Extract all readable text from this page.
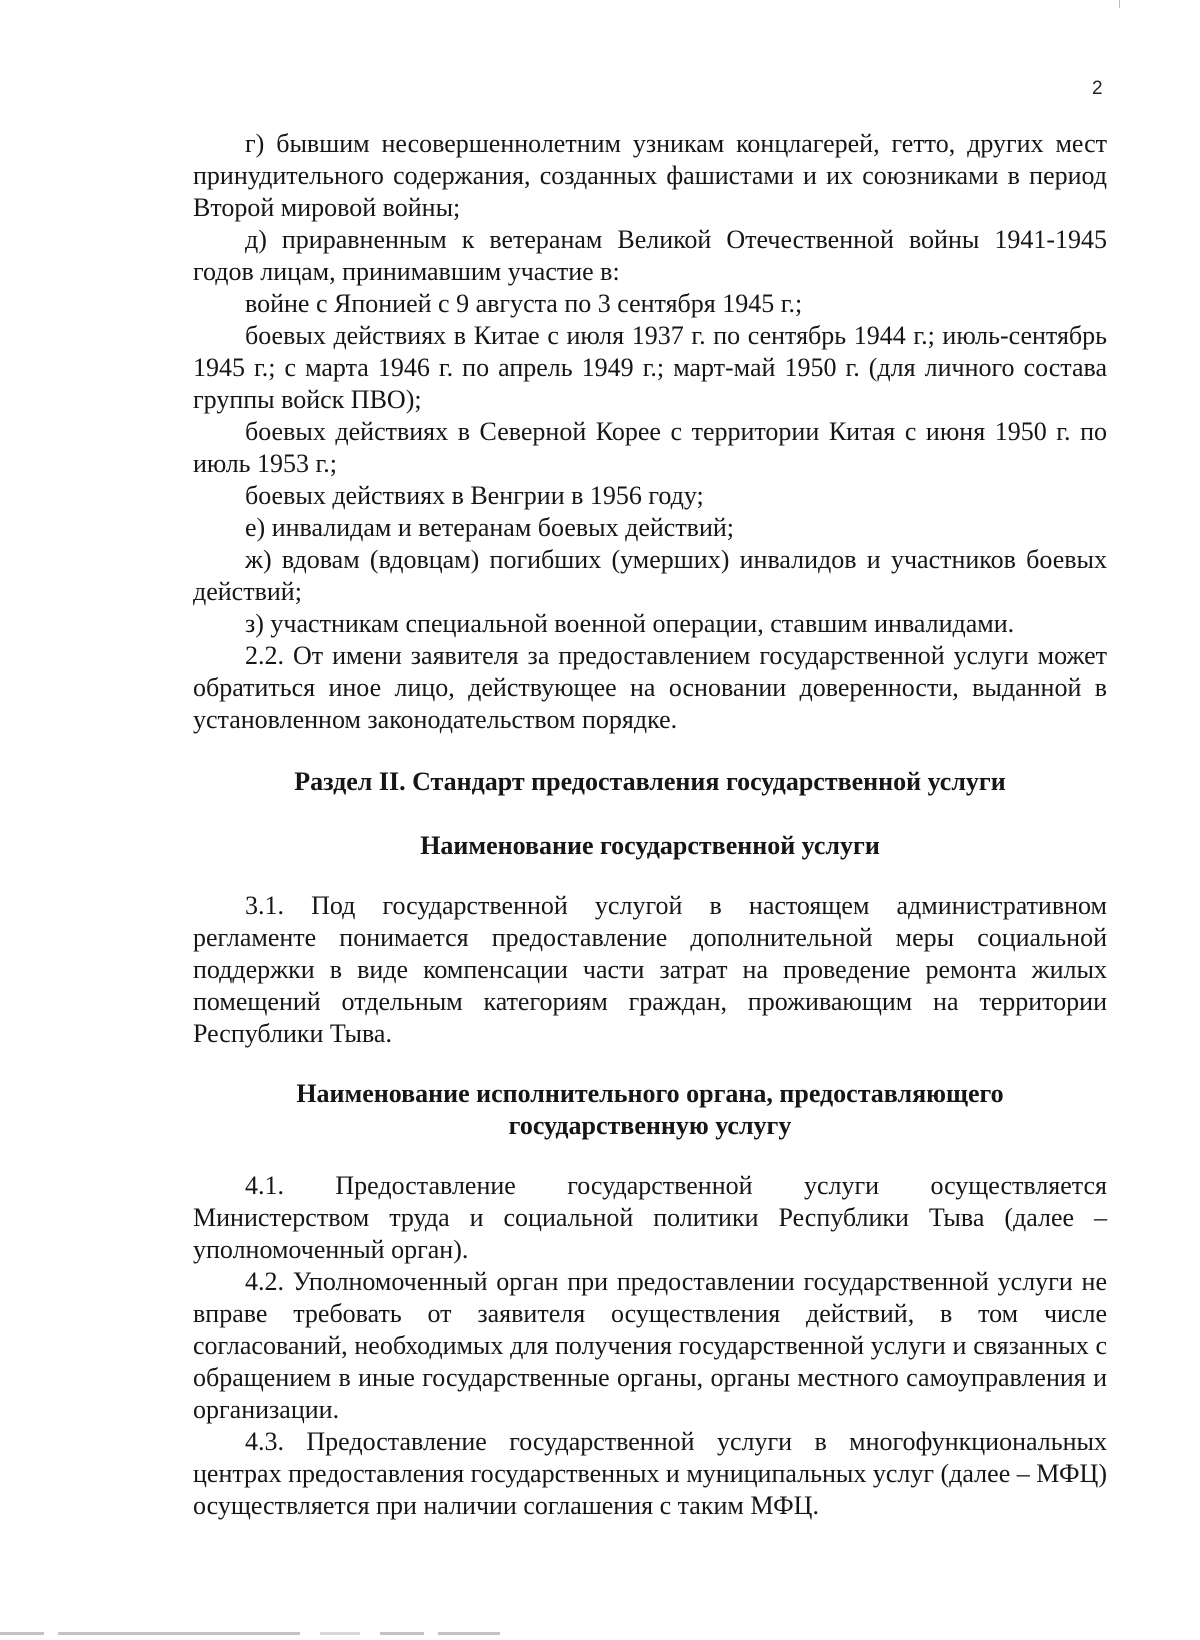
2

г) бывшим несовершеннолетним узникам концлагерей, гетто, других мест принудительного содержания, созданных фашистами и их союзниками в период Второй мировой войны;

д) приравненным к ветеранам Великой Отечественной войны 1941-1945 годов лицам, принимавшим участие в:

войне с Японией с 9 августа по 3 сентября 1945 г.;

боевых действиях в Китае с июля 1937 г. по сентябрь 1944 г.; июль-сентябрь 1945 г.; с марта 1946 г. по апрель 1949 г.; март-май 1950 г. (для личного состава группы войск ПВО);

боевых действиях в Северной Корее с территории Китая с июня 1950 г. по июль 1953 г.;

боевых действиях в Венгрии в 1956 году;

е) инвалидам и ветеранам боевых действий;

ж) вдовам (вдовцам) погибших (умерших) инвалидов и участников боевых действий;

з) участникам специальной военной операции, ставшим инвалидами.

2.2. От имени заявителя за предоставлением государственной услуги может обратиться иное лицо, действующее на основании доверенности, выданной в установленном законодательством порядке.

Раздел II. Стандарт предоставления государственной услуги

Наименование государственной услуги

3.1. Под государственной услугой в настоящем административном регламенте понимается предоставление дополнительной меры социальной поддержки в виде компенсации части затрат на проведение ремонта жилых помещений отдельным категориям граждан, проживающим на территории Республики Тыва.

Наименование исполнительного органа, предоставляющего
государственную услугу

4.1. Предоставление государственной услуги осуществляется Министерством труда и социальной политики Республики Тыва (далее – уполномоченный орган).

4.2. Уполномоченный орган при предоставлении государственной услуги не вправе требовать от заявителя осуществления действий, в том числе согласований, необходимых для получения государственной услуги и связанных с обращением в иные государственные органы, органы местного самоуправления и организации.

4.3. Предоставление государственной услуги в многофункциональных центрах предоставления государственных и муниципальных услуг (далее – МФЦ) осуществляется при наличии соглашения с таким МФЦ.
